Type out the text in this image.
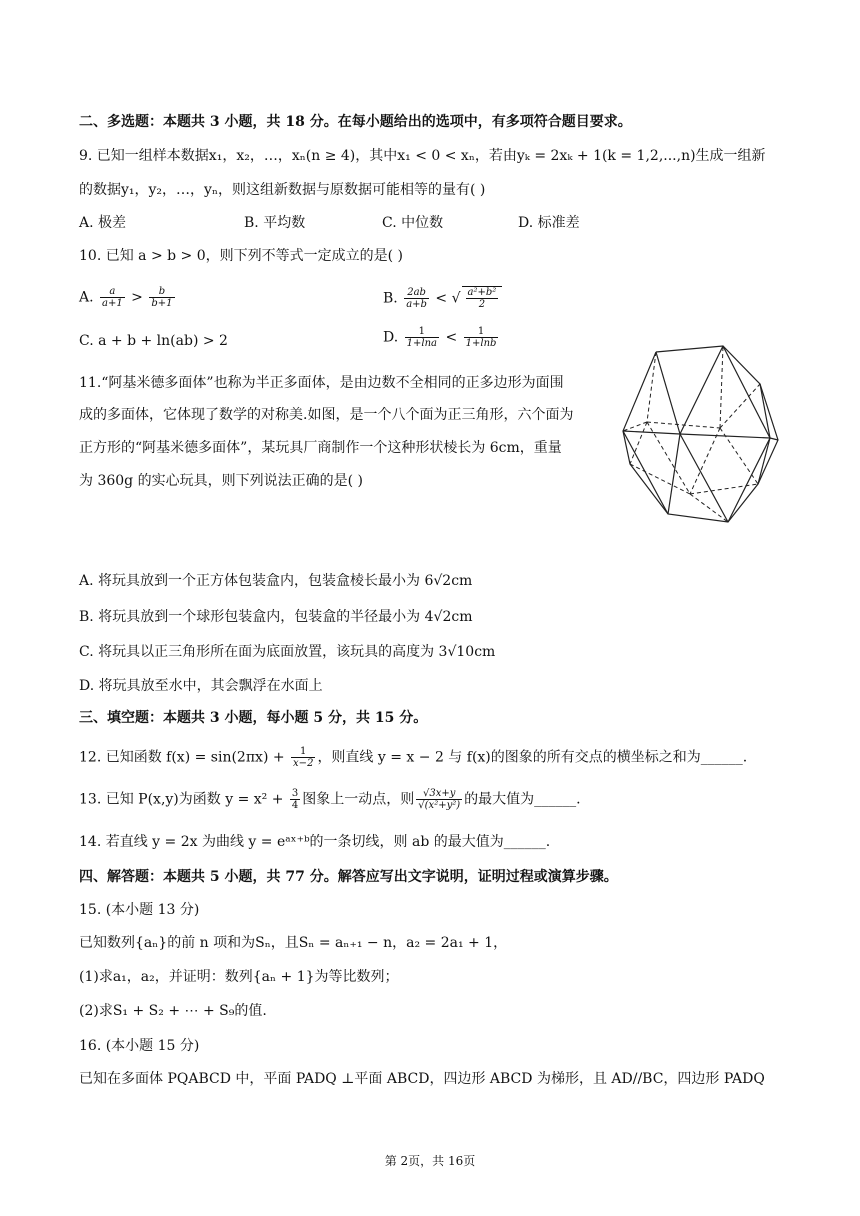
二、多选题：本题共 3 小题，共 18 分。在每小题给出的选项中，有多项符合题目要求。
9. 已知一组样本数据x₁，x₂，…，xₙ(n ≥ 4)，其中x₁ < 0 < xₙ，若由yₖ = 2xₖ + 1(k = 1,2,...,n)生成一组新
的数据y₁，y₂，…，yₙ，则这组新数据与原数据可能相等的量有( )
A. 极差	B. 平均数	C. 中位数	D. 标准差
10. 已知 a > b > 0，则下列不等式一定成立的是( )
A. $\frac{a}{a+1} > \frac{b}{b+1}$	B. $\frac{2ab}{a+b}$ < √ $\frac{\text{a²+b²}}{2}$
C. a + b + ln(ab) > 2	D. $\frac{1}{1+\ln a} < \frac{1}{1+\ln b}$
11.“阿基米德多面体”也称为半正多面体，是由边数不全相同的正多边形为面围
成的多面体，它体现了数学的对称美.如图，是一个八个面为正三角形，六个面为
正方形的“阿基米德多面体”，某玩具厂商制作一个这种形状棱长为 6cm，重量
为 360g 的实心玩具，则下列说法正确的是( )
A. 将玩具放到一个正方体包装盒内，包装盒棱长最小为 6√2cm
B. 将玩具放到一个球形包装盒内，包装盒的半径最小为 4√2cm
C. 将玩具以正三角形所在面为底面放置，该玩具的高度为 3√10cm
D. 将玩具放至水中，其会飘浮在水面上
三、填空题：本题共 3 小题，每小题 5 分，共 15 分。
12. 已知函数 $f(x) = \sin(2\pi x) + \frac{1}{x-2}$ ，则直线 y = x − 2 与 f(x)的图象的所有交点的横坐标之和为______.
13. 已知 P(x,y)为函数 $y = x^2 + \frac{3}{4}$ 图象上一动点，则 $\frac{√3x+y}{\text{√(x²+y²)}}$ 的最大值为______.
14. 若直线 y = 2x 为曲线 y = eᵃˣ⁺ᵇ的一条切线，则 ab 的最大值为______.
四、解答题：本题共 5 小题，共 77 分。解答应写出文字说明，证明过程或演算步骤。
15. (本小题 13 分)
已知数列{aₙ}的前 n 项和为Sₙ，且Sₙ = aₙ₊₁ − n，a₂ = 2a₁ + 1，
(1)求a₁，a₂，并证明：数列{aₙ + 1}为等比数列；
(2)求S₁ + S₂ + ⋯ + S₉的值.
16. (本小题 15 分)
已知在多面体 PQABCD 中，平面 PADQ ⊥平面 ABCD，四边形 ABCD 为梯形，且 AD//BC，四边形 PADQ
第 2页，共 16页
